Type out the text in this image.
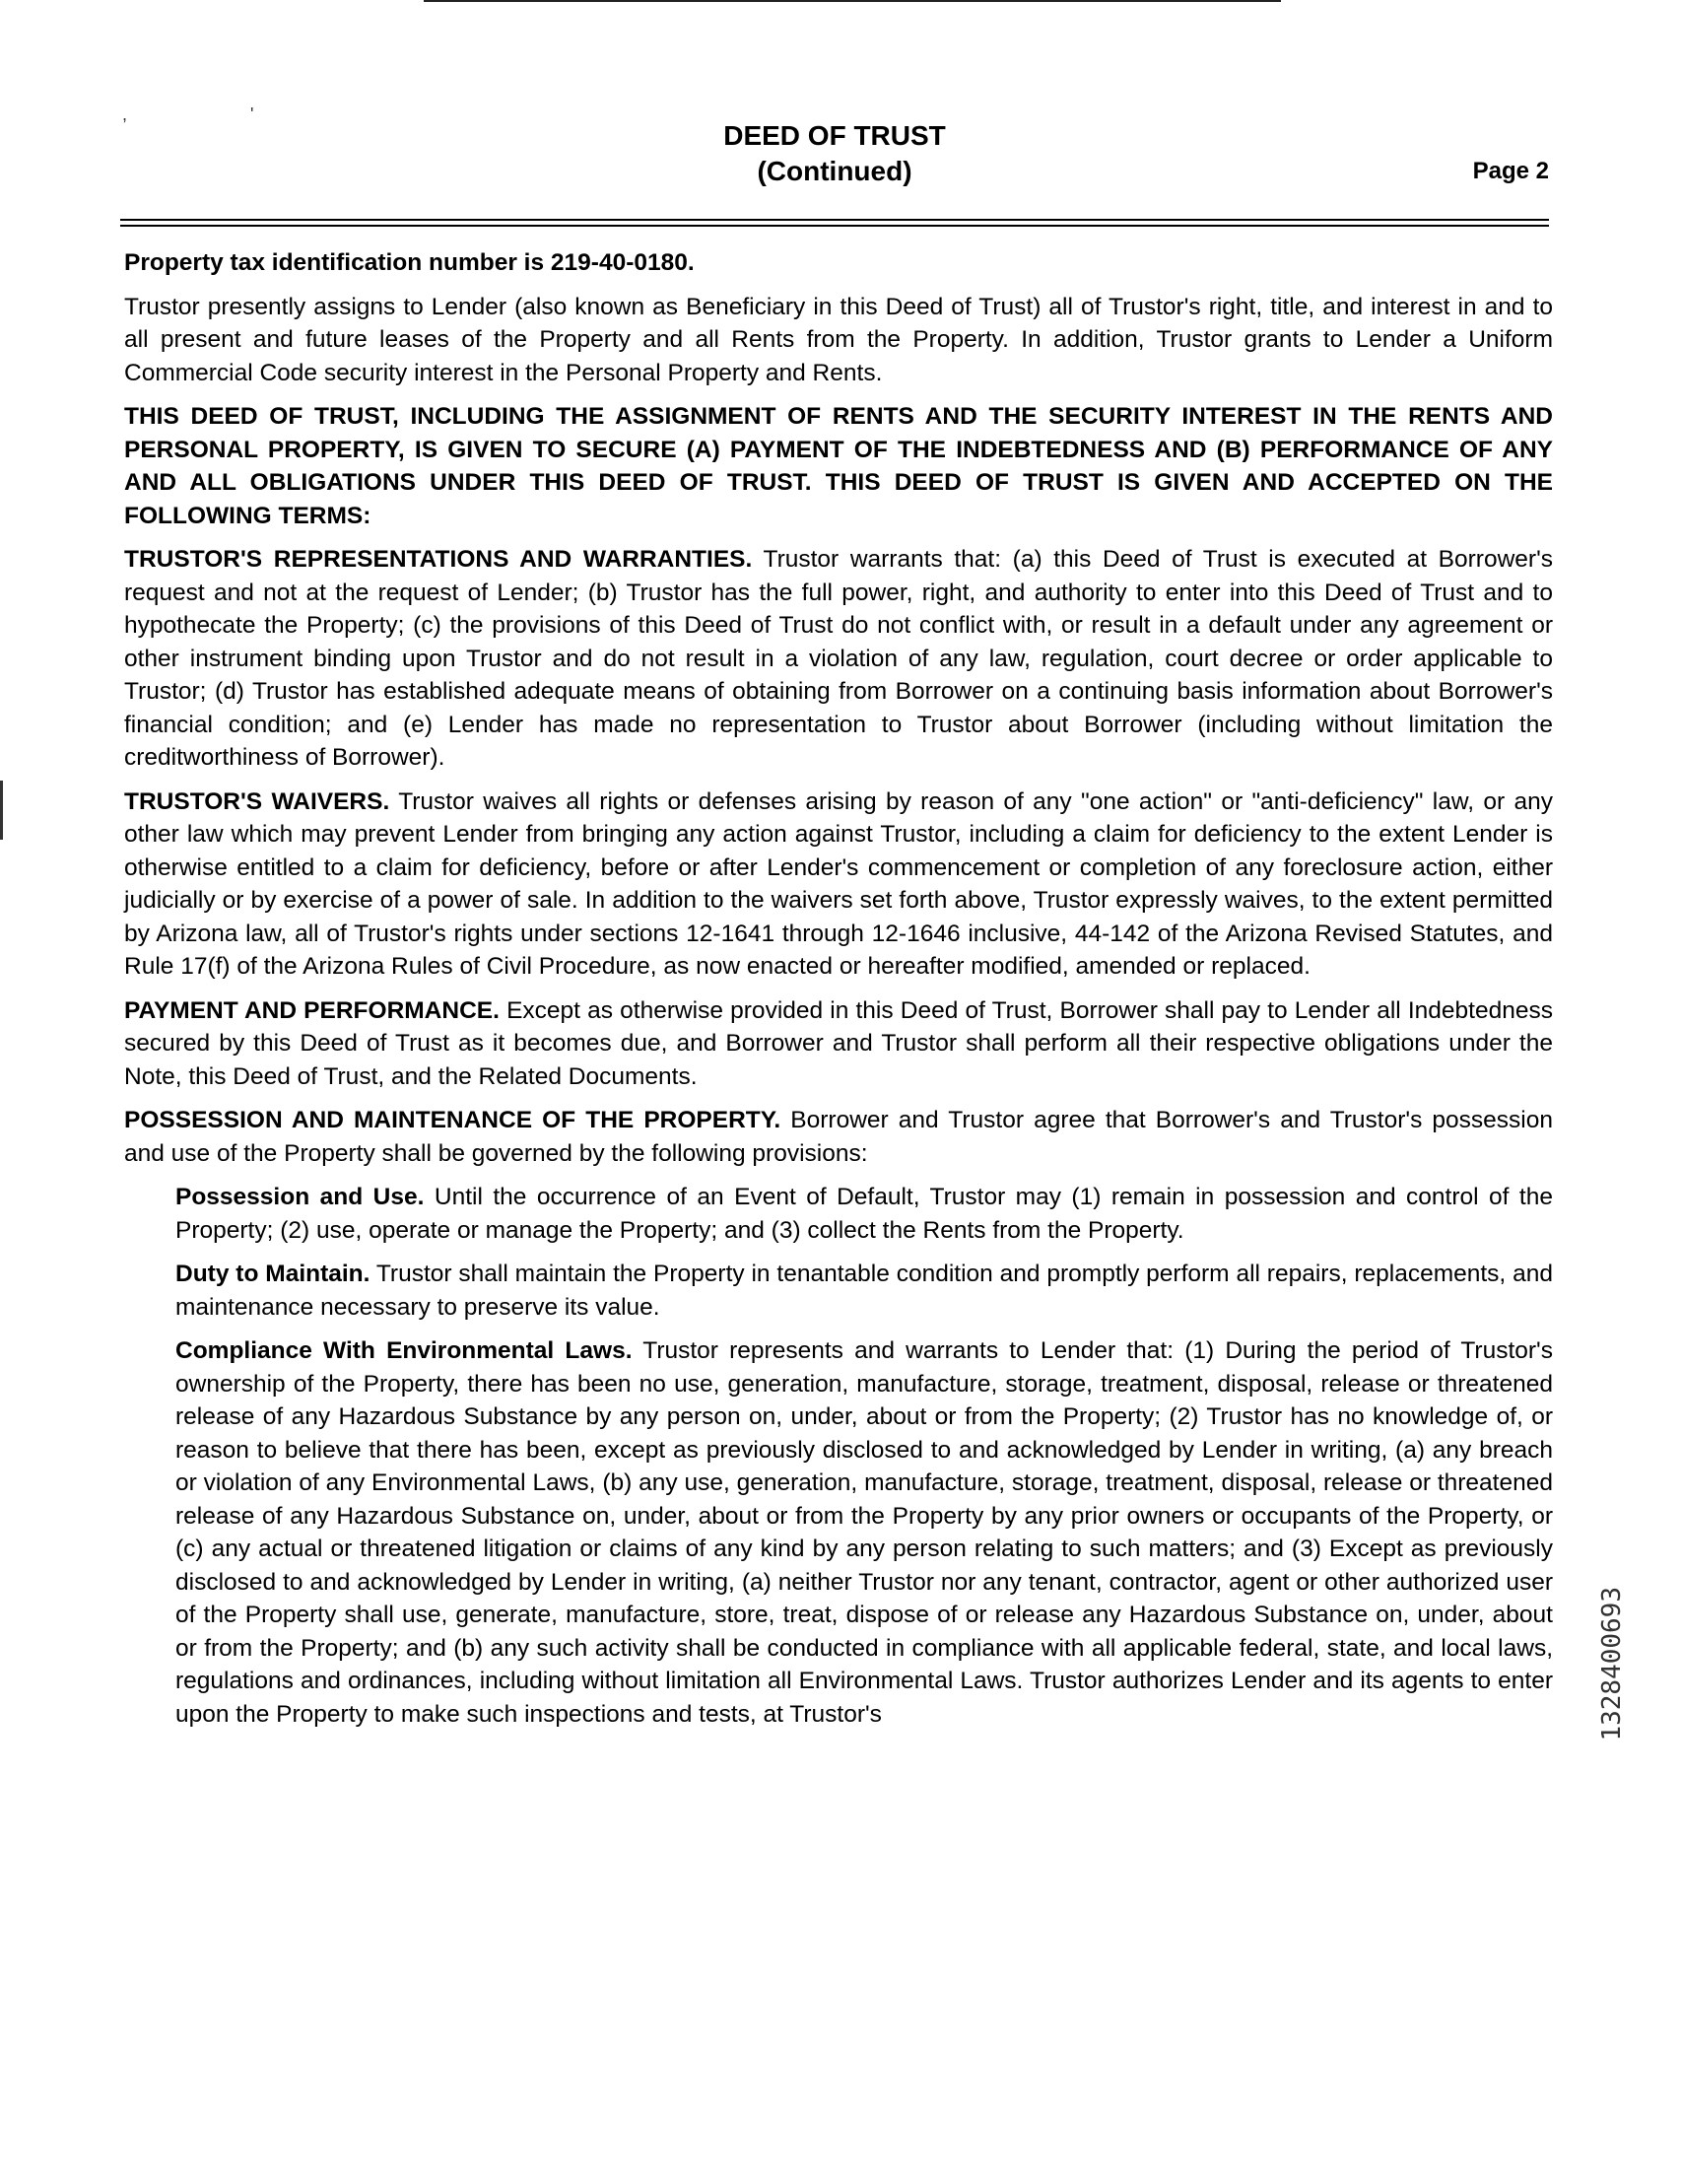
, '
DEED OF TRUST
(Continued)	Page 2

Property tax identification number is 219-40-0180.

Trustor presently assigns to Lender (also known as Beneficiary in this Deed of Trust) all of Trustor's right, title, and interest in and to all present and future leases of the Property and all Rents from the Property. In addition, Trustor grants to Lender a Uniform Commercial Code security interest in the Personal Property and Rents.

THIS DEED OF TRUST, INCLUDING THE ASSIGNMENT OF RENTS AND THE SECURITY INTEREST IN THE RENTS AND PERSONAL PROPERTY, IS GIVEN TO SECURE (A) PAYMENT OF THE INDEBTEDNESS AND (B) PERFORMANCE OF ANY AND ALL OBLIGATIONS UNDER THIS DEED OF TRUST. THIS DEED OF TRUST IS GIVEN AND ACCEPTED ON THE FOLLOWING TERMS:

TRUSTOR'S REPRESENTATIONS AND WARRANTIES. Trustor warrants that: (a) this Deed of Trust is executed at Borrower's request and not at the request of Lender; (b) Trustor has the full power, right, and authority to enter into this Deed of Trust and to hypothecate the Property; (c) the provisions of this Deed of Trust do not conflict with, or result in a default under any agreement or other instrument binding upon Trustor and do not result in a violation of any law, regulation, court decree or order applicable to Trustor; (d) Trustor has established adequate means of obtaining from Borrower on a continuing basis information about Borrower's financial condition; and (e) Lender has made no representation to Trustor about Borrower (including without limitation the creditworthiness of Borrower).

TRUSTOR'S WAIVERS. Trustor waives all rights or defenses arising by reason of any "one action" or "anti-deficiency" law, or any other law which may prevent Lender from bringing any action against Trustor, including a claim for deficiency to the extent Lender is otherwise entitled to a claim for deficiency, before or after Lender's commencement or completion of any foreclosure action, either judicially or by exercise of a power of sale. In addition to the waivers set forth above, Trustor expressly waives, to the extent permitted by Arizona law, all of Trustor's rights under sections 12-1641 through 12-1646 inclusive, 44-142 of the Arizona Revised Statutes, and Rule 17(f) of the Arizona Rules of Civil Procedure, as now enacted or hereafter modified, amended or replaced.

PAYMENT AND PERFORMANCE. Except as otherwise provided in this Deed of Trust, Borrower shall pay to Lender all Indebtedness secured by this Deed of Trust as it becomes due, and Borrower and Trustor shall perform all their respective obligations under the Note, this Deed of Trust, and the Related Documents.

POSSESSION AND MAINTENANCE OF THE PROPERTY. Borrower and Trustor agree that Borrower's and Trustor's possession and use of the Property shall be governed by the following provisions:

Possession and Use. Until the occurrence of an Event of Default, Trustor may (1) remain in possession and control of the Property; (2) use, operate or manage the Property; and (3) collect the Rents from the Property.

Duty to Maintain. Trustor shall maintain the Property in tenantable condition and promptly perform all repairs, replacements, and maintenance necessary to preserve its value.

Compliance With Environmental Laws. Trustor represents and warrants to Lender that: (1) During the period of Trustor's ownership of the Property, there has been no use, generation, manufacture, storage, treatment, disposal, release or threatened release of any Hazardous Substance by any person on, under, about or from the Property; (2) Trustor has no knowledge of, or reason to believe that there has been, except as previously disclosed to and acknowledged by Lender in writing, (a) any breach or violation of any Environmental Laws, (b) any use, generation, manufacture, storage, treatment, disposal, release or threatened release of any Hazardous Substance on, under, about or from the Property by any prior owners or occupants of the Property, or (c) any actual or threatened litigation or claims of any kind by any person relating to such matters; and (3) Except as previously disclosed to and acknowledged by Lender in writing, (a) neither Trustor nor any tenant, contractor, agent or other authorized user of the Property shall use, generate, manufacture, store, treat, dispose of or release any Hazardous Substance on, under, about or from the Property; and (b) any such activity shall be conducted in compliance with all applicable federal, state, and local laws, regulations and ordinances, including without limitation all Environmental Laws. Trustor authorizes Lender and its agents to enter upon the Property to make such inspections and tests, at Trustor's	1328400693
